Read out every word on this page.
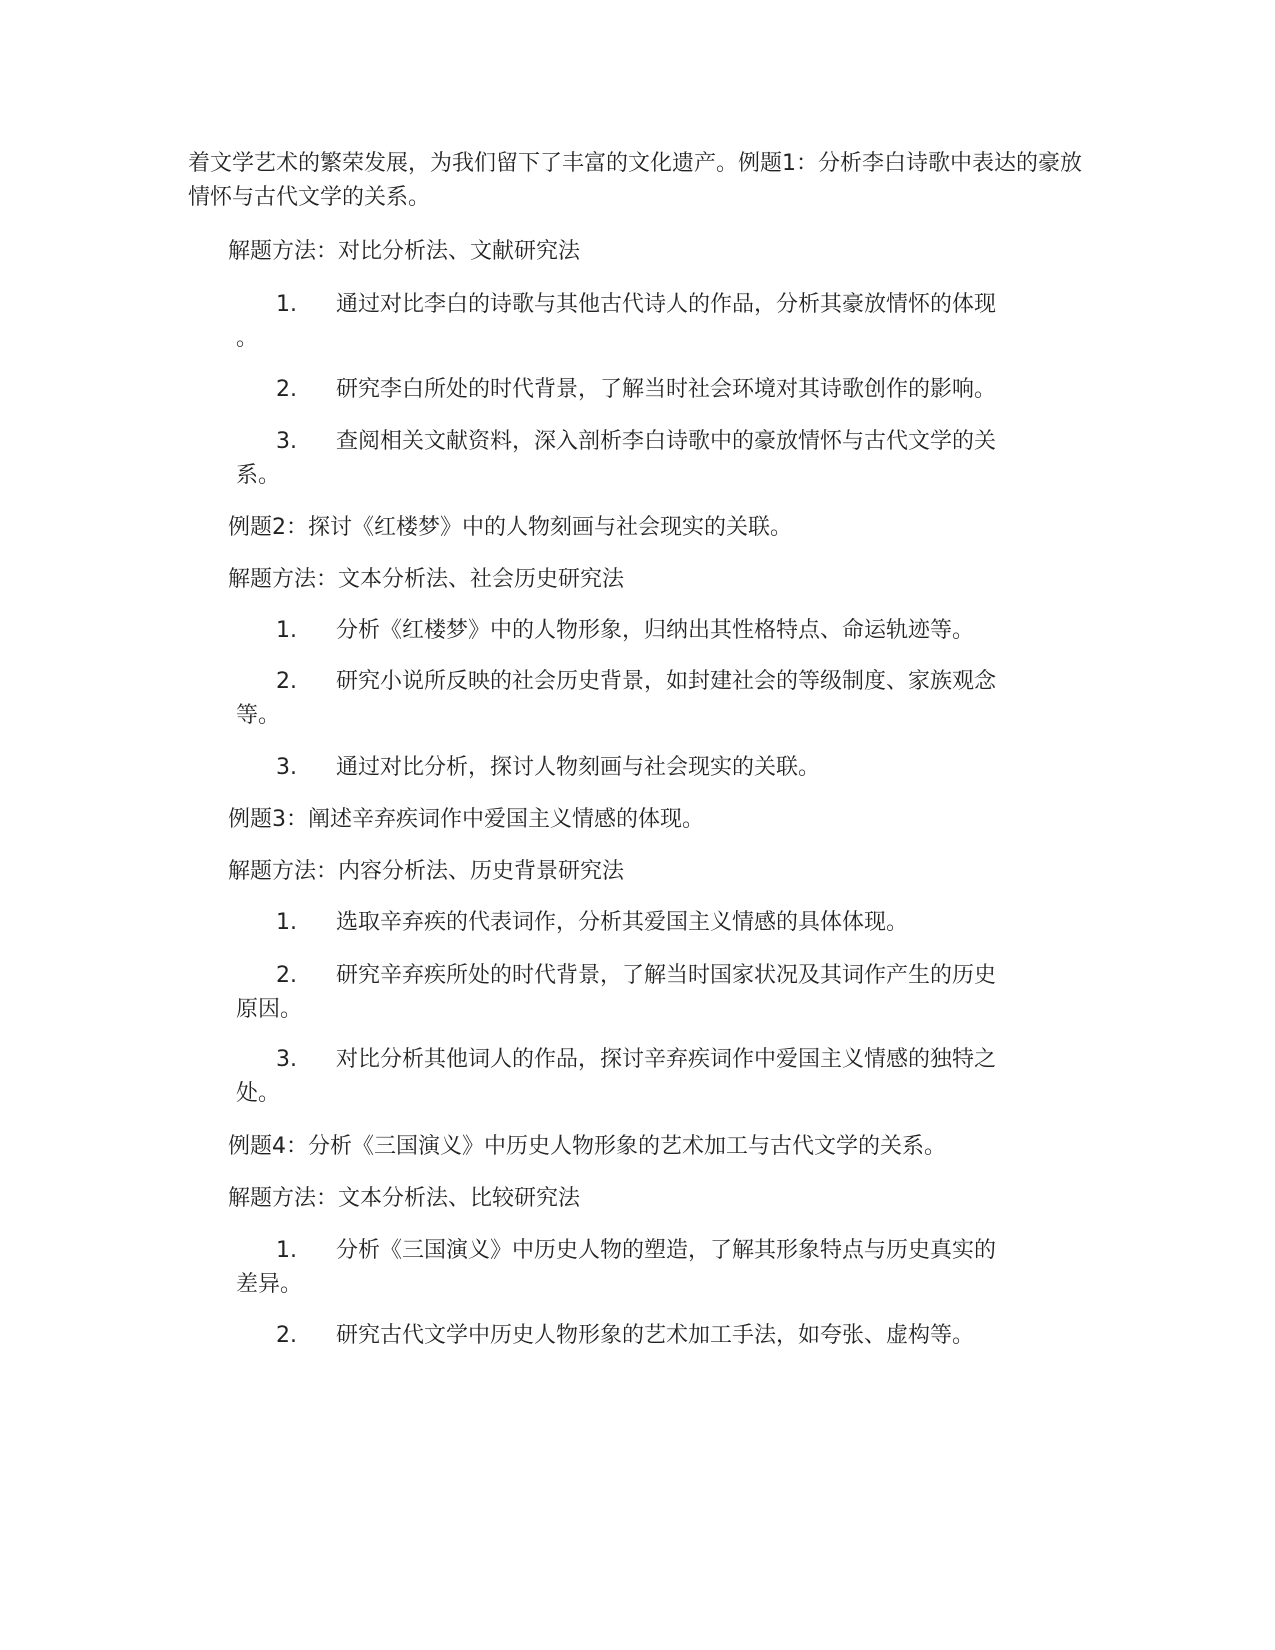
着文学艺术的繁荣发展，为我们留下了丰富的文化遗产。例题1：分析李白诗歌中表达的豪放情怀与古代文学的关系。
解题方法：对比分析法、文献研究法
1.	通过对比李白的诗歌与其他古代诗人的作品，分析其豪放情怀的体现
。
2.	研究李白所处的时代背景，了解当时社会环境对其诗歌创作的影响。
3.	查阅相关文献资料，深入剖析李白诗歌中的豪放情怀与古代文学的关
系。
例题2：探讨《红楼梦》中的人物刻画与社会现实的关联。
解题方法：文本分析法、社会历史研究法
1.	分析《红楼梦》中的人物形象，归纳出其性格特点、命运轨迹等。
2.	研究小说所反映的社会历史背景，如封建社会的等级制度、家族观念
等。
3.	通过对比分析，探讨人物刻画与社会现实的关联。
例题3：阐述辛弃疾词作中爱国主义情感的体现。
解题方法：内容分析法、历史背景研究法
1.	选取辛弃疾的代表词作，分析其爱国主义情感的具体体现。
2.	研究辛弃疾所处的时代背景，了解当时国家状况及其词作产生的历史
原因。
3.	对比分析其他词人的作品，探讨辛弃疾词作中爱国主义情感的独特之
处。
例题4：分析《三国演义》中历史人物形象的艺术加工与古代文学的关系。
解题方法：文本分析法、比较研究法
1.	分析《三国演义》中历史人物的塑造，了解其形象特点与历史真实的
差异。
2.	研究古代文学中历史人物形象的艺术加工手法，如夸张、虚构等。
